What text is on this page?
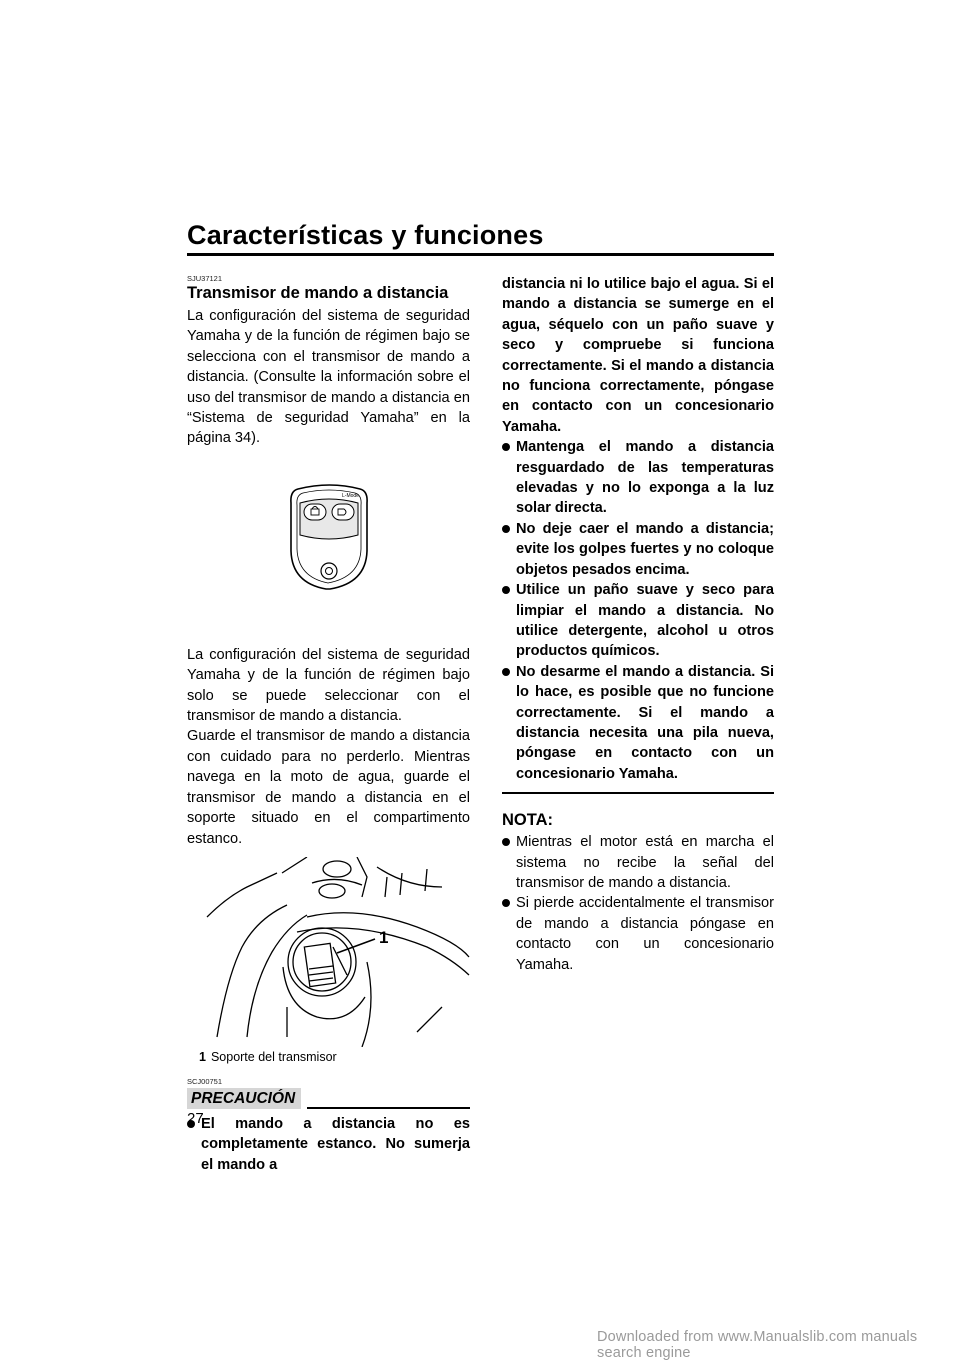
Características y funciones
SJU37121
Transmisor de mando a distancia

La configuración del sistema de seguridad Yamaha y de la función de régimen bajo se selecciona con el transmisor de mando a distancia. (Consulte la información sobre el uso del transmisor de mando a distancia en “Sistema de seguridad Yamaha” en la página 34).

L-Mode

La configuración del sistema de seguridad Yamaha y de la función de régimen bajo solo se puede seleccionar con el transmisor de mando a distancia.

Guarde el transmisor de mando a distancia con cuidado para no perderlo. Mientras navega en la moto de agua, guarde el transmisor de mando a distancia en el soporte situado en el compartimento estanco.

1
1 Soporte del transmisor
SCJ00751
PRECAUCIÓN
El mando a distancia no es completamente estanco. No sumerja el mando a
distancia ni lo utilice bajo el agua. Si el mando a distancia se sumerge en el agua, séquelo con un paño suave y seco y compruebe si funciona correctamente. Si el mando a distancia no funciona correctamente, póngase en contacto con un concesionario Yamaha.
Mantenga el mando a distancia resguardado de las temperaturas elevadas y no lo exponga a la luz solar directa.
No deje caer el mando a distancia; evite los golpes fuertes y no coloque objetos pesados encima.
Utilice un paño suave y seco para limpiar el mando a distancia. No utilice detergente, alcohol u otros productos químicos.
No desarme el mando a distancia. Si lo hace, es posible que no funcione correctamente. Si el mando a distancia necesita una pila nueva, póngase en contacto con un concesionario Yamaha.
NOTA:
Mientras el motor está en marcha el sistema no recibe la señal del transmisor de mando a distancia.
Si pierde accidentalmente el transmisor de mando a distancia póngase en contacto con un concesionario Yamaha.
27
Downloaded from www.Manualslib.com manuals search engine
